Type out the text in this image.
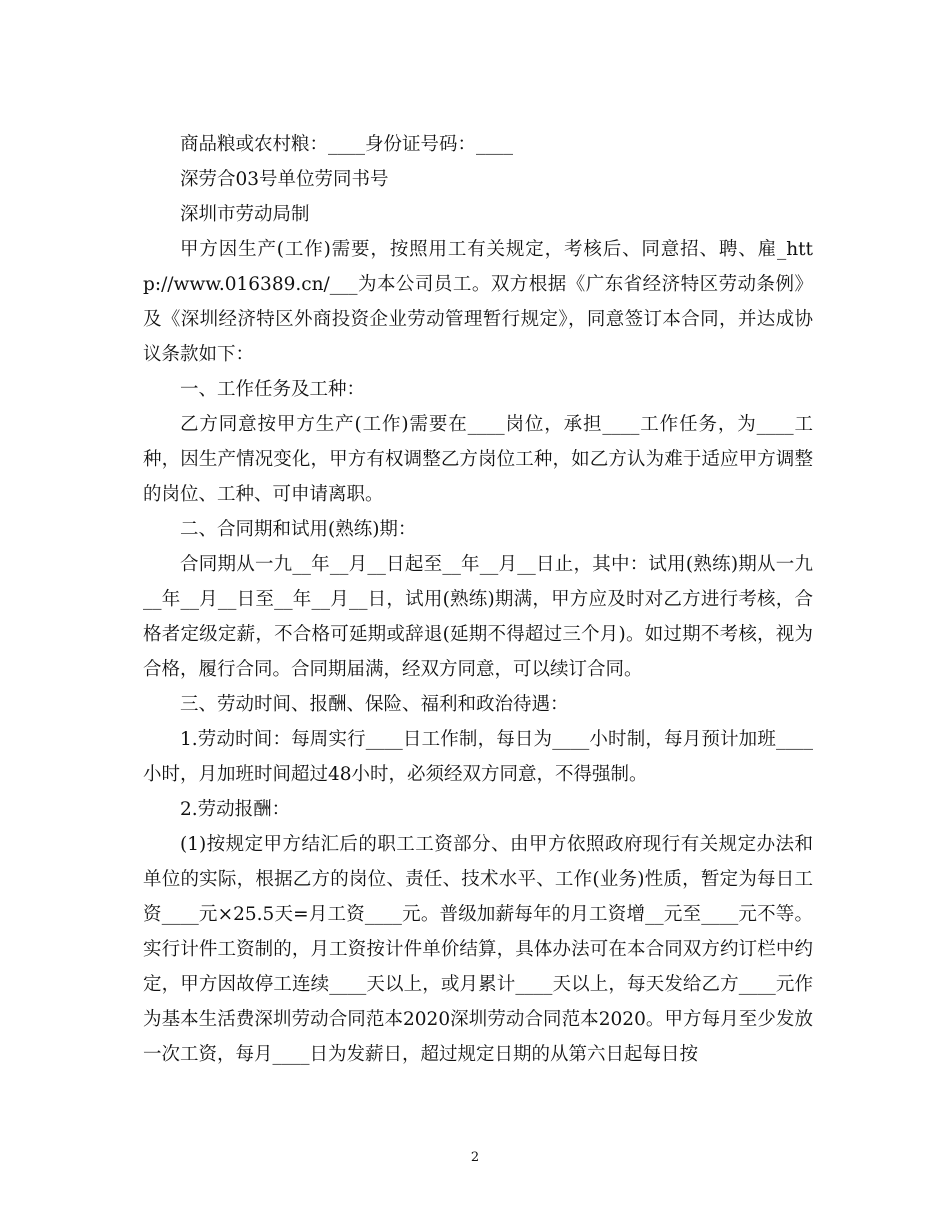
商品粮或农村粮：____身份证号码：____

深劳合03号单位劳同书号

深圳市劳动局制

甲方因生产(工作)需要，按照用工有关规定，考核后、同意招、聘、雇_http://www.016389.cn/___为本公司员工。双方根据《广东省经济特区劳动条例》及《深圳经济特区外商投资企业劳动管理暂行规定》，同意签订本合同，并达成协议条款如下：

一、工作任务及工种：

乙方同意按甲方生产(工作)需要在____岗位，承担____工作任务，为____工种，因生产情况变化，甲方有权调整乙方岗位工种，如乙方认为难于适应甲方调整的岗位、工种、可申请离职。

二、合同期和试用(熟练)期：

合同期从一九__年__月__日起至__年__月__日止，其中：试用(熟练)期从一九__年__月__日至__年__月__日，试用(熟练)期满，甲方应及时对乙方进行考核，合格者定级定薪，不合格可延期或辞退(延期不得超过三个月)。如过期不考核，视为合格，履行合同。合同期届满，经双方同意，可以续订合同。

三、劳动时间、报酬、保险、福利和政治待遇：

1.劳动时间：每周实行____日工作制，每日为____小时制，每月预计加班____小时，月加班时间超过48小时，必须经双方同意，不得强制。

2.劳动报酬：

(1)按规定甲方结汇后的职工工资部分、由甲方依照政府现行有关规定办法和单位的实际，根据乙方的岗位、责任、技术水平、工作(业务)性质，暂定为每日工资____元×25.5天=月工资____元。普级加薪每年的月工资增__元至____元不等。实行计件工资制的，月工资按计件单价结算，具体办法可在本合同双方约订栏中约定，甲方因故停工连续____天以上，或月累计____天以上，每天发给乙方____元作为基本生活费深圳劳动合同范本2020深圳劳动合同范本2020。甲方每月至少发放一次工资，每月____日为发薪日，超过规定日期的从第六日起每日按

2
